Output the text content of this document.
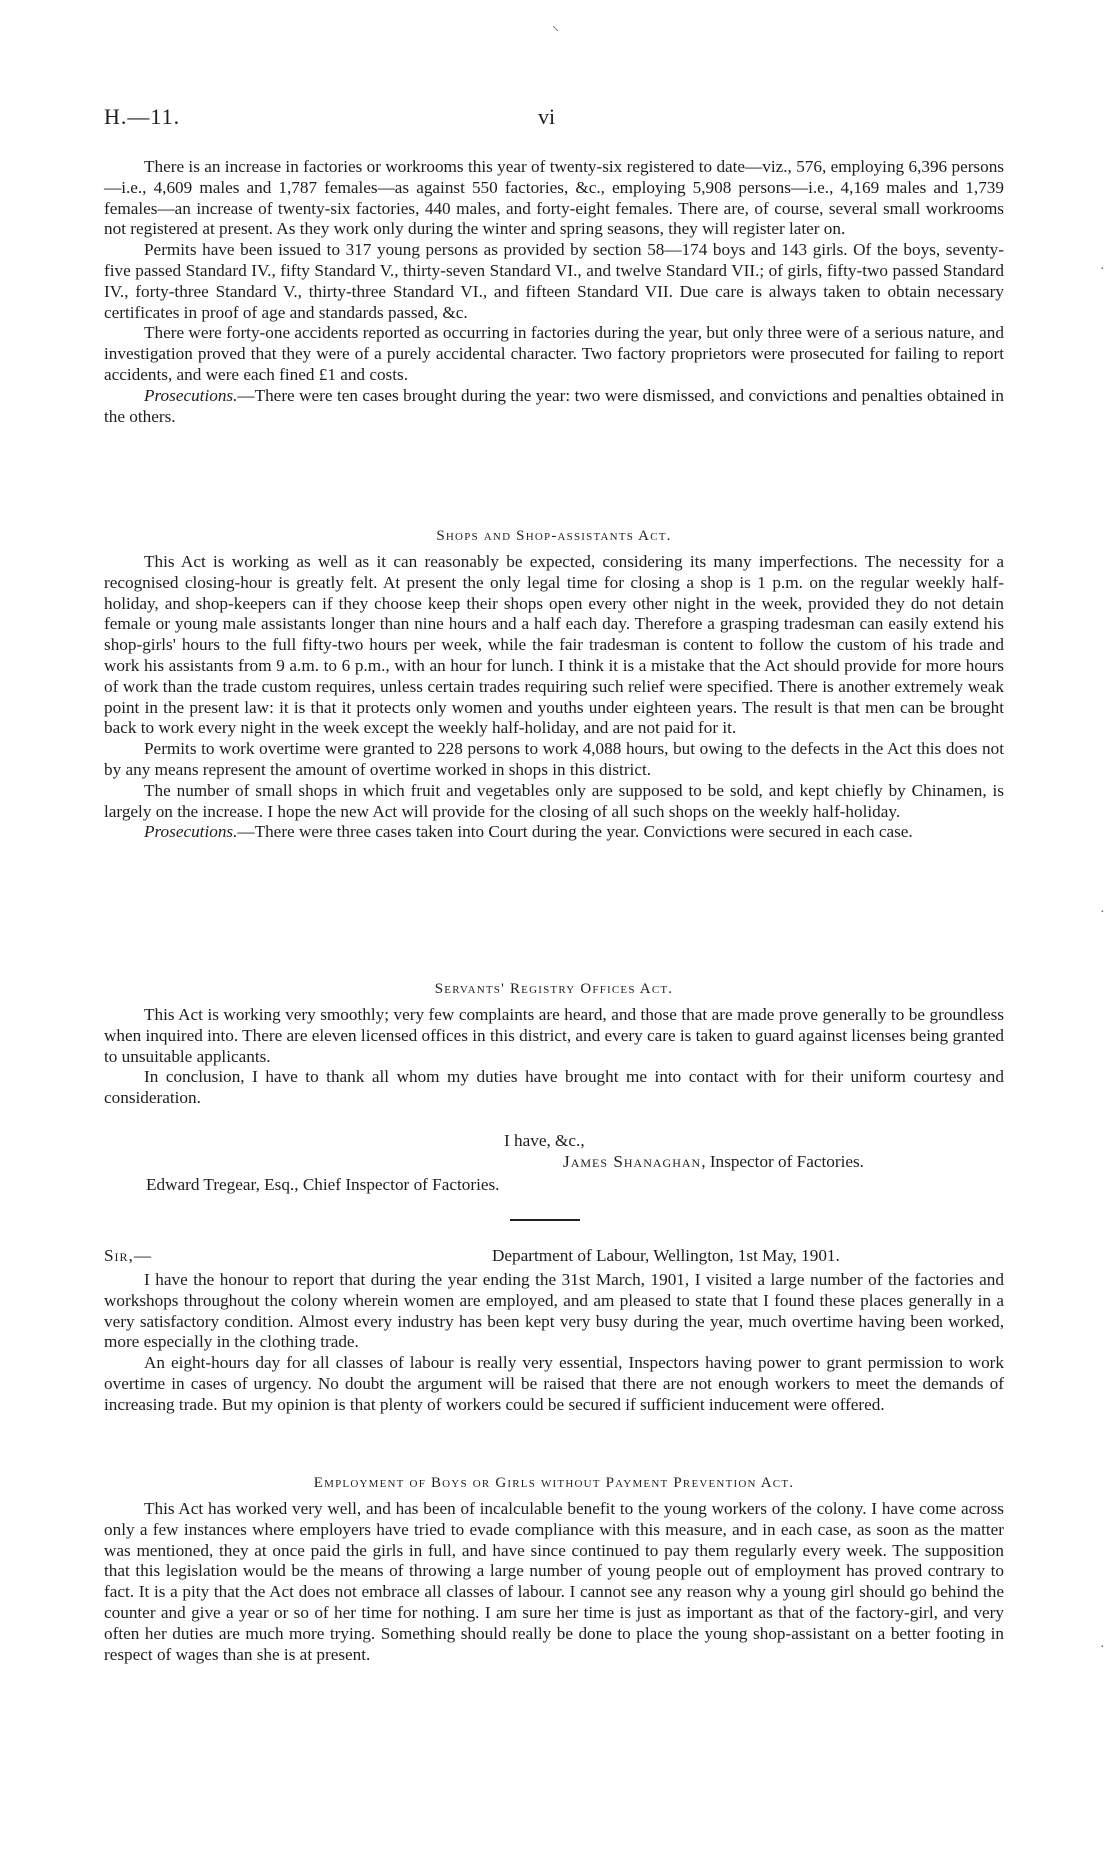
H.—11.	vi

There is an increase in factories or workrooms this year of twenty-six registered to date—viz., 576, employing 6,396 persons—i.e., 4,609 males and 1,787 females—as against 550 factories, &c., employing 5,908 persons—i.e., 4,169 males and 1,739 females—an increase of twenty-six factories, 440 males, and forty-eight females. There are, of course, several small workrooms not registered at present. As they work only during the winter and spring seasons, they will register later on.

Permits have been issued to 317 young persons as provided by section 58—174 boys and 143 girls. Of the boys, seventy-five passed Standard IV., fifty Standard V., thirty-seven Standard VI., and twelve Standard VII.; of girls, fifty-two passed Standard IV., forty-three Standard V., thirty-three Standard VI., and fifteen Standard VII. Due care is always taken to obtain necessary certificates in proof of age and standards passed, &c.

There were forty-one accidents reported as occurring in factories during the year, but only three were of a serious nature, and investigation proved that they were of a purely accidental character. Two factory proprietors were prosecuted for failing to report accidents, and were each fined £1 and costs.

Prosecutions.—There were ten cases brought during the year: two were dismissed, and convictions and penalties obtained in the others.

Shops and Shop-assistants Act.

This Act is working as well as it can reasonably be expected, considering its many imperfections. The necessity for a recognised closing-hour is greatly felt. At present the only legal time for closing a shop is 1 p.m. on the regular weekly half-holiday, and shop-keepers can if they choose keep their shops open every other night in the week, provided they do not detain female or young male assistants longer than nine hours and a half each day. Therefore a grasping tradesman can easily extend his shop-girls' hours to the full fifty-two hours per week, while the fair tradesman is content to follow the custom of his trade and work his assistants from 9 a.m. to 6 p.m., with an hour for lunch. I think it is a mistake that the Act should provide for more hours of work than the trade custom requires, unless certain trades requiring such relief were specified. There is another extremely weak point in the present law: it is that it protects only women and youths under eighteen years. The result is that men can be brought back to work every night in the week except the weekly half-holiday, and are not paid for it.

Permits to work overtime were granted to 228 persons to work 4,088 hours, but owing to the defects in the Act this does not by any means represent the amount of overtime worked in shops in this district.

The number of small shops in which fruit and vegetables only are supposed to be sold, and kept chiefly by Chinamen, is largely on the increase. I hope the new Act will provide for the closing of all such shops on the weekly half-holiday.

Prosecutions.—There were three cases taken into Court during the year. Convictions were secured in each case.

Servants' Registry Offices Act.

This Act is working very smoothly; very few complaints are heard, and those that are made prove generally to be groundless when inquired into. There are eleven licensed offices in this district, and every care is taken to guard against licenses being granted to unsuitable applicants.

In conclusion, I have to thank all whom my duties have brought me into contact with for their uniform courtesy and consideration.

I have, &c.,
James Shanaghan, Inspector of Factories.
Edward Tregear, Esq., Chief Inspector of Factories.
Sir,—	Department of Labour, Wellington, 1st May, 1901.

I have the honour to report that during the year ending the 31st March, 1901, I visited a large number of the factories and workshops throughout the colony wherein women are employed, and am pleased to state that I found these places generally in a very satisfactory condition. Almost every industry has been kept very busy during the year, much overtime having been worked, more especially in the clothing trade.

An eight-hours day for all classes of labour is really very essential, Inspectors having power to grant permission to work overtime in cases of urgency. No doubt the argument will be raised that there are not enough workers to meet the demands of increasing trade. But my opinion is that plenty of workers could be secured if sufficient inducement were offered.

Employment of Boys or Girls without Payment Prevention Act.

This Act has worked very well, and has been of incalculable benefit to the young workers of the colony. I have come across only a few instances where employers have tried to evade compliance with this measure, and in each case, as soon as the matter was mentioned, they at once paid the girls in full, and have since continued to pay them regularly every week. The supposition that this legislation would be the means of throwing a large number of young people out of employment has proved contrary to fact. It is a pity that the Act does not embrace all classes of labour. I cannot see any reason why a young girl should go behind the counter and give a year or so of her time for nothing. I am sure her time is just as important as that of the factory-girl, and very often her duties are much more trying. Something should really be done to place the young shop-assistant on a better footing in respect of wages than she is at present.

⸌
·
·
·
